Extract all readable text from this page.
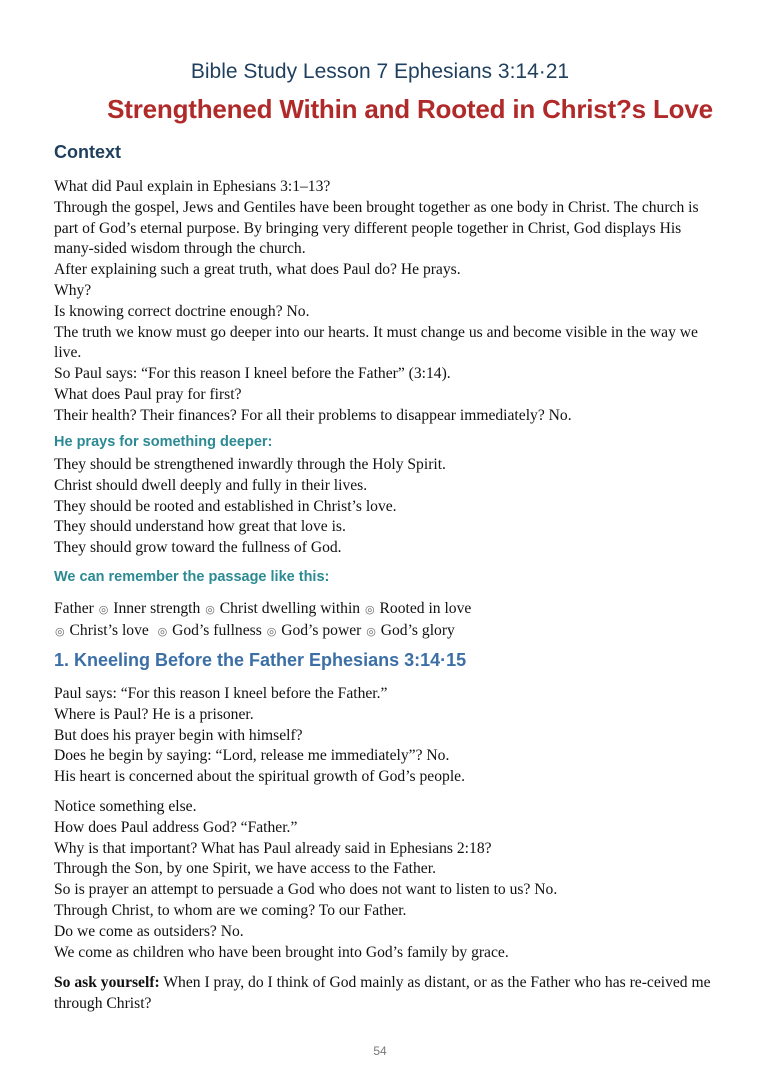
Bible Study Lesson 7 Ephesians 3:14·21
Strengthened Within and Rooted in Christ?s Love
Context

What did Paul explain in Ephesians 3:1–13?

Through the gospel, Jews and Gentiles have been brought together as one body in Christ. The church is part of God’s eternal purpose. By bringing very different people together in Christ, God displays His many-sided wisdom through the church.

After explaining such a great truth, what does Paul do? He prays.

Why?

Is knowing correct doctrine enough? No.

The truth we know must go deeper into our hearts. It must change us and become visible in the way we live.

So Paul says: “For this reason I kneel before the Father” (3:14).

What does Paul pray for first?

Their health? Their finances? For all their problems to disappear immediately? No.

He prays for something deeper:

They should be strengthened inwardly through the Holy Spirit.

Christ should dwell deeply and fully in their lives.

They should be rooted and established in Christ’s love.

They should understand how great that love is.

They should grow toward the fullness of God.

We can remember the passage like this:

Father ◎ Inner strength ◎ Christ dwelling within ◎ Rooted in love

◎ Christ’s love ◎ God’s fullness ◎ God’s power ◎ God’s glory

1. Kneeling Before the Father Ephesians 3:14·15

Paul says: “For this reason I kneel before the Father.”

Where is Paul? He is a prisoner.

But does his prayer begin with himself?

Does he begin by saying: “Lord, release me immediately”? No.

His heart is concerned about the spiritual growth of God’s people.

Notice something else.

How does Paul address God? “Father.”

Why is that important? What has Paul already said in Ephesians 2:18?

Through the Son, by one Spirit, we have access to the Father.

So is prayer an attempt to persuade a God who does not want to listen to us? No.

Through Christ, to whom are we coming? To our Father.

Do we come as outsiders? No.

We come as children who have been brought into God’s family by grace.

So ask yourself: When I pray, do I think of God mainly as distant, or as the Father who has re-ceived me through Christ?

54
